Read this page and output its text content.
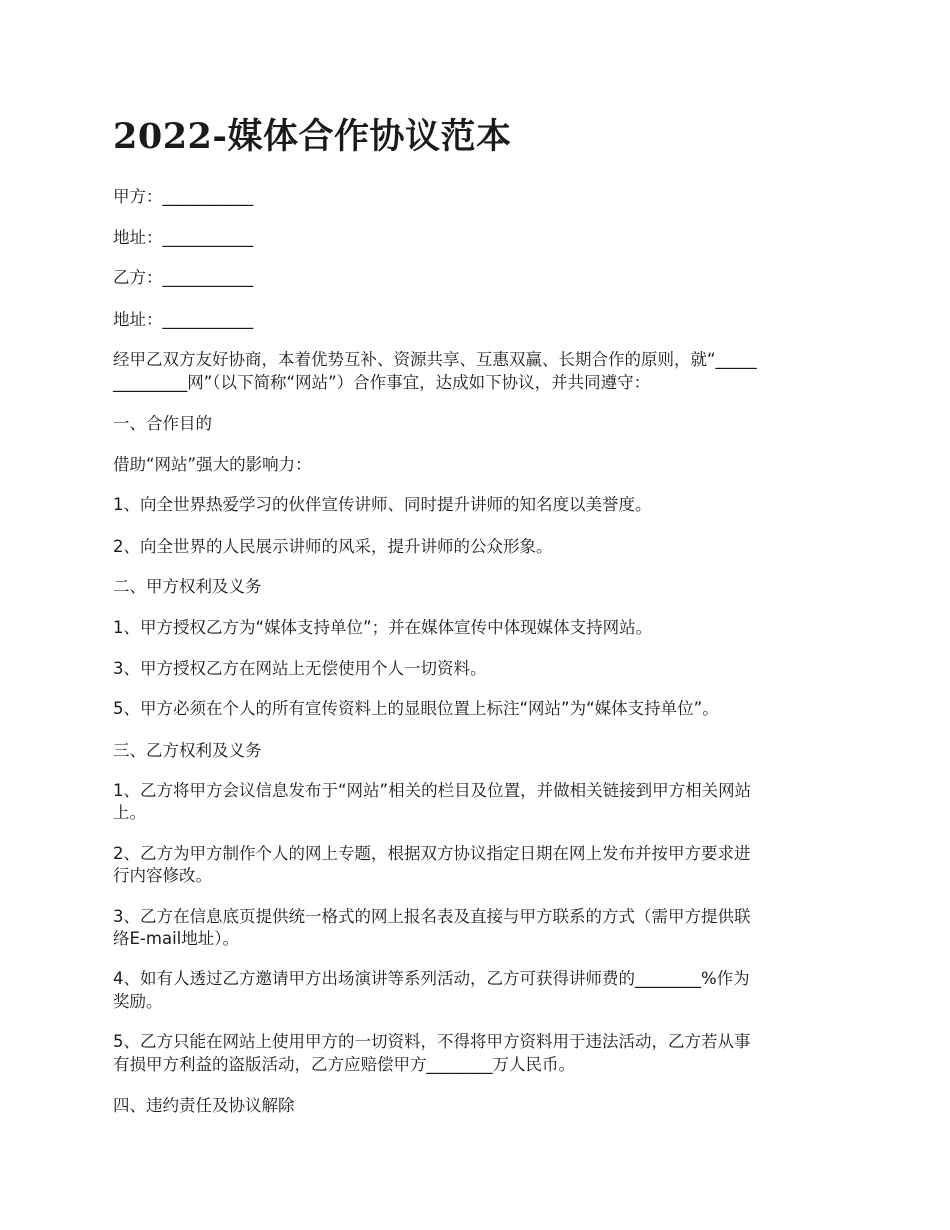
2022-媒体合作协议范本

甲方：___________

地址：___________

乙方：___________

地址：___________

经甲乙双方友好协商，本着优势互补、资源共享、互惠双赢、长期合作的原则，就“_____

_________网”（以下简称“网站”）合作事宜，达成如下协议，并共同遵守：

一、合作目的

借助“网站”强大的影响力：

1、向全世界热爱学习的伙伴宣传讲师、同时提升讲师的知名度以美誉度。

2、向全世界的人民展示讲师的风采，提升讲师的公众形象。

二、甲方权利及义务

1、甲方授权乙方为“媒体支持单位”；并在媒体宣传中体现媒体支持网站。

3、甲方授权乙方在网站上无偿使用个人一切资料。

5、甲方必须在个人的所有宣传资料上的显眼位置上标注“网站”为“媒体支持单位”。

三、乙方权利及义务

1、乙方将甲方会议信息发布于“网站”相关的栏目及位置，并做相关链接到甲方相关网站

上。

2、乙方为甲方制作个人的网上专题，根据双方协议指定日期在网上发布并按甲方要求进

行内容修改。

3、乙方在信息底页提供统一格式的网上报名表及直接与甲方联系的方式（需甲方提供联

络E-mail地址）。

4、如有人透过乙方邀请甲方出场演讲等系列活动，乙方可获得讲师费的________%作为

奖励。

5、乙方只能在网站上使用甲方的一切资料，不得将甲方资料用于违法活动，乙方若从事

有损甲方利益的盗版活动，乙方应赔偿甲方________万人民币。

四、违约责任及协议解除
